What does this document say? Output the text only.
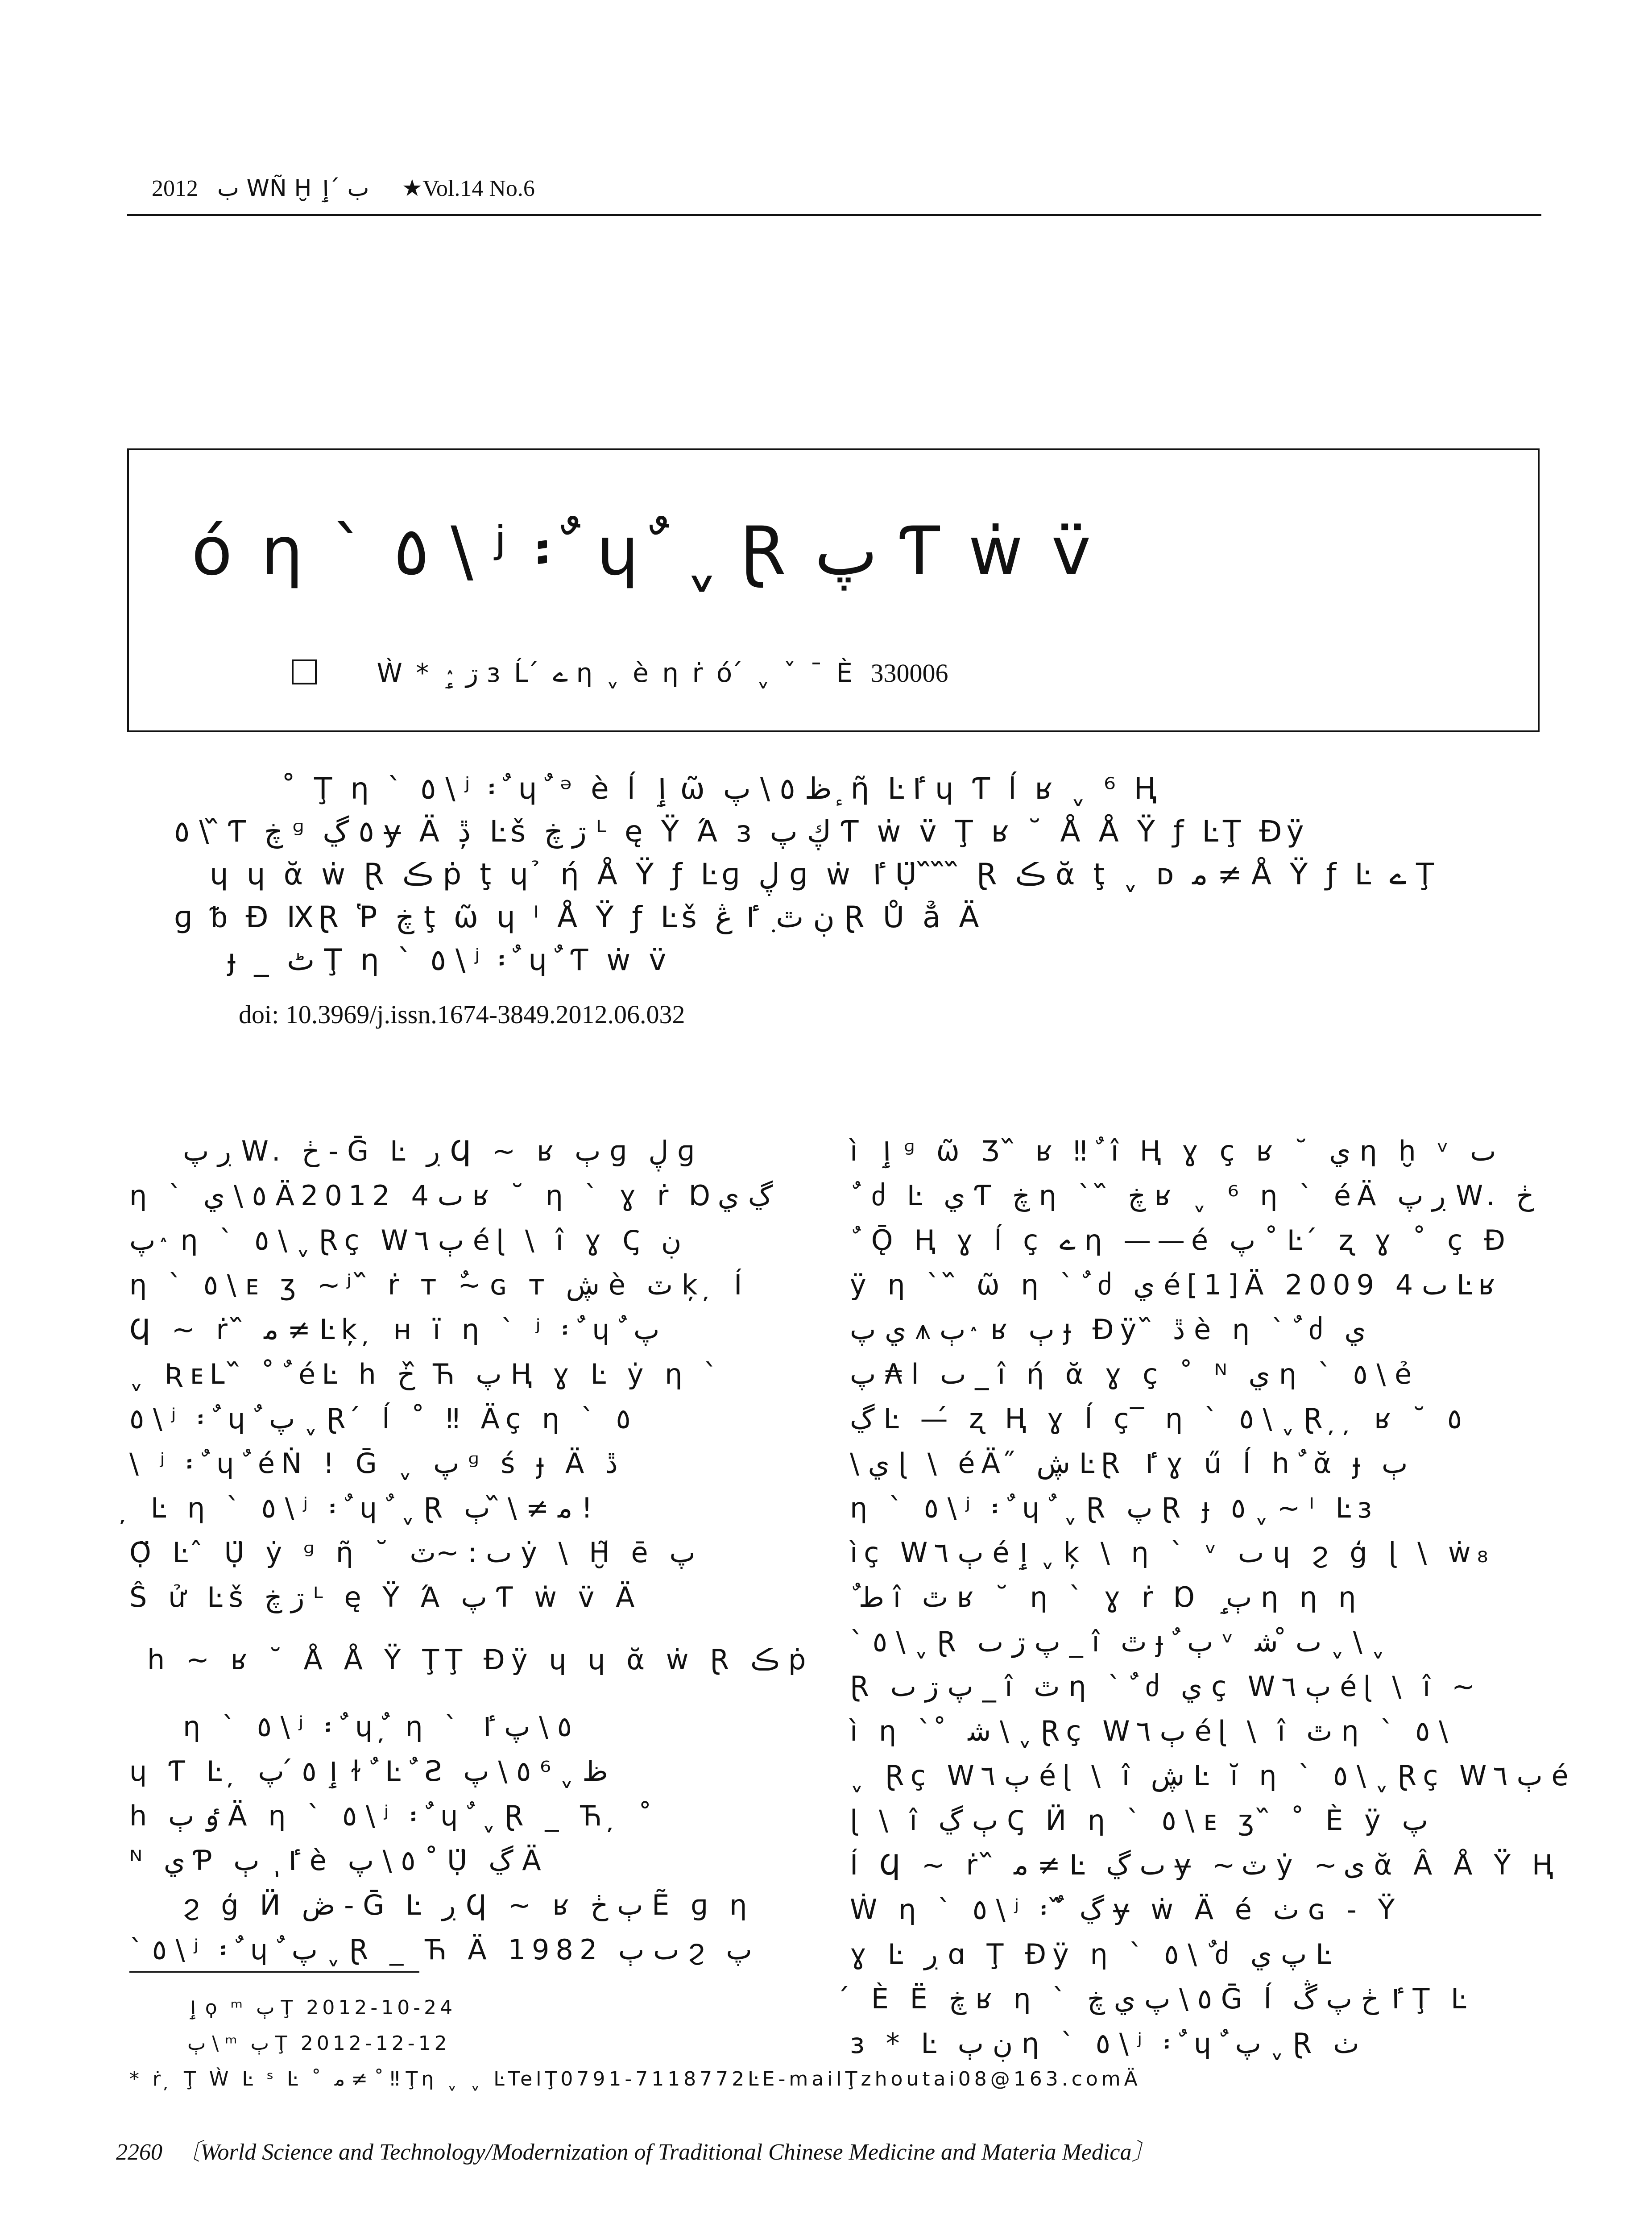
2012 ب WÑ Ḫ ب ́ ٳ ★Vol.14 No.6
ó η ` ٥ \ ʲ ፡ ٌ ɥ ٌ ˬ Ɽ پ Ƭ ẇ v̈
Ẁ * ٛ ٟ ڗ ɜ Ĺ ́ ے η ˬ è η ṙ ó ́ ˬ ˇ ¯ È 330006

˚ Ţ η ` ٥ \ ʲ ፡ ٌ ɥ ٌ ᵊ è ĺ ٳ ῶ ظ ٥ \ پ ٕ ῆ Ŀٵ ɥ Ƭ ĺ ʁ ˬ ⁶ Ⱨ

٥ \ ᷈ Ƭ ڿ ᶢ ٥ ڲ ɏ Ä ڐ ̦ Ŀš ڗ ڿ ᴸ ę Ÿ Ά ɜ ڮ پ Ƭ ẇ v̈ Ţ ʁ ˘ Å Å Ÿ ƒ ĿŢ Ðÿ

ɥ ɥ ᾰ ẇ Ɽ ڪ ṗ ţ ɥ ̉ ή Å Ÿ ƒ Ŀɡ ڸ ɡ ẇ ٵ Ụ̈ ᷈ ᷈ ᷈ Ɽ ڪ ᾰ ţ ˬ ᴅ ﻣ ≠ Å Ÿ ƒ Ŀ ے Ţ

ɡ ᵬ Ɖ ⅨⱤ Ῥ ڿ ţ ῶ ɥ ᴵ Å Ÿ ƒ Ŀš ڹ ٿ ٜ ٵ ڠ Ɽ Ů ẳ Ä

ɟ _ ٹ Ţ η ` ٥ \ ʲ ፡ ٌ ɥ ٌ Ƭ ẇ v̈

doi: 10.3969/j.issn.1674-3849.2012.06.032

ڔ پ W. ڂ - Ḡ Ŀ ڔ Ϥ ~ ʁ ٻ ɡ ڸ ɡ

η ` ٥ \ ي Ä2012 ٮ 4 ʁ ˘ η ` ɣ ṙ Ɒڲ ي

پ ٛ η ` ٥ \ ˬ Ɽç Wٻ ٦ éɭ \ î ɣ Ꞔ ڹ

η ` ٥ \ ᴇ ʒ ~ʲ ᷈ ṙ ᴛ ~ٌ ɢ ᴛ ڜ è ٽ ķ ̦ Í

Ϥ ~ ṙ ᷈ ﻣ ≠ Ŀķ ̦ ʜ ï η ` ʲ ፡ ٌ ɥ ٌ پ

ˬ ƦᴇԼ ᷈ ˚ ٌ éĿ h ڂ ᷈ Ћ پ Ⱨ ɣ Ŀ ẏ η `

٥ \ ʲ ፡ ٌ ɥ ٌ پ ˬ Ɽ ́ ĺ ˚ ‼ Äç η ` ٥

\ ʲ ፡ ٌ ɥ ٌ éṄ ! Ḡ ˬ پ ᶢ ś ɟ Ä ڐ

̦ Ŀ η ` ٥ \ ʲ ፡ ٌ ɥ ٌ ˬ Ɽ ﻣ ≠ \ ᷈ ٻ !

Ọ̈ Ŀ ̂ Ụ̈ ẏ ᶢ ῆ ˘ ٮ : ~ٽ ẏ \ Ḫ̃ ē پ

Ŝ ử Ŀš ڗ ڿ ᴸ ę Ÿ Ά پ Ƭ ẇ v̈ Ä

h ~ ʁ ˘ Å Å Ÿ ŢŢ Ðÿ ɥ ɥ ᾰ ẇ Ɽ ڪ ṗ

η ` ٥ \ ʲ ፡ ٌ ɥ ٌ ̦ η ` ٥ \ پ ٵ

ɥ Ƭ Ŀ ̦ ٳ ٥ ́ پ ɫ ٌ Ŀ ٌ Ƨ ظ ˬ ⁶ ٥ \ پ

h ٶ ٻ Ä η ` ٥ \ ʲ ፡ ٌ ɥ ٌ ˬ Ɽ _ Ћ ̦ ˚

ᴺ ي Ƥ ٵ ٖ ٻ è ٥ \ پ ˚ Ụ̈ ڲ Ä

ϩ ģ Ӥ ڞ - Ḡ Ŀ ڔ Ϥ ~ ʁ ٻ ڂ Ẽ ɡ η

` ٥ \ ʲ ፡ ٌ ɥ ٌ پ ˬ Ɽ _ Ћ Ä 1982 ٮ ٻ ϩ پ

ì ٳ ᶢ ῶ Ʒ ᷈ ʁ ‼ ٌ î Ⱨ ɣ ç ʁ ˘ ي η ḫ ᵛ ٮ

ٌ ძ Ŀ ي Ƭ ڿ η ` ᷈ ڿ ʁ ˬ ⁶ η ` éÄ ڔ پ W. ڂ

ٌ Ǭ Ⱨ ɣ ĺ ç ے η ——é پ ˚ Ŀ ́ ʐ ɣ ˚ ç Ð

ÿ η ` ᷈ ῶ η ` ٌ ძ ي é[1]Ä 2009 ٮ 4 Ŀʁ

ٻ ⩚ ي پ ٛ ʁ ٻ ɟ Ðÿ ᷈ ڐ è η ` ٌ ძ ي

پ ₳ l ٮ _ î ή ᾰ ɣ ç ˚ ᴺ ي η ` ٥ \ ẻ

ڲ Ŀ —́ ʐ Ⱨ ɣ ĺ ç ̅ η ` ٥ \ ˬ Ɽ ̦ ̦ ʁ ˘ ٥

\ ي ɭ \ éÄ ̋ ڜ ĿⱤ ٵ ɣ ű ĺ h ٌ ᾰ ɟ ٻ

η ` ٥ \ ʲ ፡ ٌ ɥ ٌ ˬ Ɽ پ Ɽ ɟ ٥ ˬ ~ ᴵ Ŀɜ

ìç Wٻ ٦ éٳ ˬ ķ \ η ` ᵛ ٮ ɥ ϩ ģ ɭ \ ẇ₈

ٌ ط î ٿ ʁ ˘ η ` ɣ ṙ Ɒ ٟ ٻ η η η

` ٥ \ ˬ Ɽ پ ڗ ٮ _ î ٿ ɟ ٌ ٻ ᵛ ٮ ̊ ﺷ ˬ \ ˬ

Ɽ پ ڗ ٮ _ î ٿ η ` ٌ ძ ي ç Wٻ ٦ éɭ \ î ~

ì η ` ̊ ﺷ \ ˬ Ɽç Wٻ ٦ éɭ \ î ٿ η ` ٥ \

ˬ Ɽç Wٻ ٦ éɭ \ î ڜ Ŀ ĭ η ` ٥ \ ˬ Ɽç Wٻ ٦ é

ɭ \ î ٻ ڲ Ꞔ Ӥ η ` ٥ \ ᴇ ʒ ᷈ ˚ È ÿ پ

Í Ϥ ~ ṙ ᷈ ﻣ ≠ Ŀ ٮ ڲ ɏ ~ٽ ẏ ~ى ᾰ Â Å Ÿ Ⱨ

Ẇ η ` ٥ \ ʲ ፡ ٌ ᷈ ڲ ɏ ẇ Ä é ٺ ɢ - Ÿ

ɣ Ŀ ڔ ɑ Ţ Ðÿ η ` ٥ \ ٌ ძ پ ي Ŀ

́ È Ë ڿ ʁ η ` ٥ \ پ ي ڿ Ḡ ĺ ٵ ڂ پ ڴ Ţ Ŀ

ɜ * Ŀ ڹ ٻ η ` ٥ \ ʲ ፡ ٌ ɥ ٌ پ ˬ Ɽ ٺ

ٳ ϙ ᵐ ٻ Ţ 2012-10-24

ٻ \ ᵐ ٻ Ţ 2012-12-12

* ṙ ̦ Ţ Ẁ Ŀ ˢ Ŀ ˚ ﻣ ≠ ˚ ‼ Ţη ˬ ˬ ĿTelŢ0791-7118772ĿE-mailŢzhoutai08@163.comÄ

2260 〔World Science and Technology/Modernization of Traditional Chinese Medicine and Materia Medica〕
